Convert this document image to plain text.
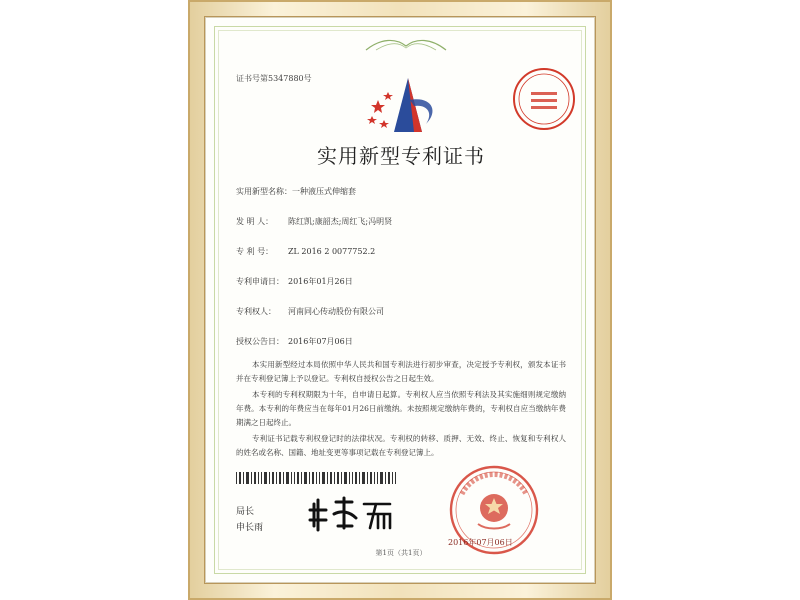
证书号第5347880号
实用新型专利证书
实用新型名称：一种液压式伸缩套
发 明 人： 陈红凯;康韶杰;周红飞;冯明贤
专 利 号： ZL 2016 2 0077752.2
专利申请日： 2016年01月26日
专利权人： 河南同心传动股份有限公司
授权公告日： 2016年07月06日
本实用新型经过本局依照中华人民共和国专利法进行初步审查，决定授予专利权，颁发本证书并在专利登记簿上予以登记。专利权自授权公告之日起生效。
本专利的专利权期限为十年，自申请日起算。专利权人应当依照专利法及其实施细则规定缴纳年费。本专利的年费应当在每年01月26日前缴纳。未按照规定缴纳年费的，专利权自应当缴纳年费期满之日起终止。
专利证书记载专利权登记时的法律状况。专利权的转移、质押、无效、终止、恢复和专利权人的姓名或名称、国籍、地址变更等事项记载在专利登记簿上。
局长
申长雨
2016年07月06日
第1页（共1页）
